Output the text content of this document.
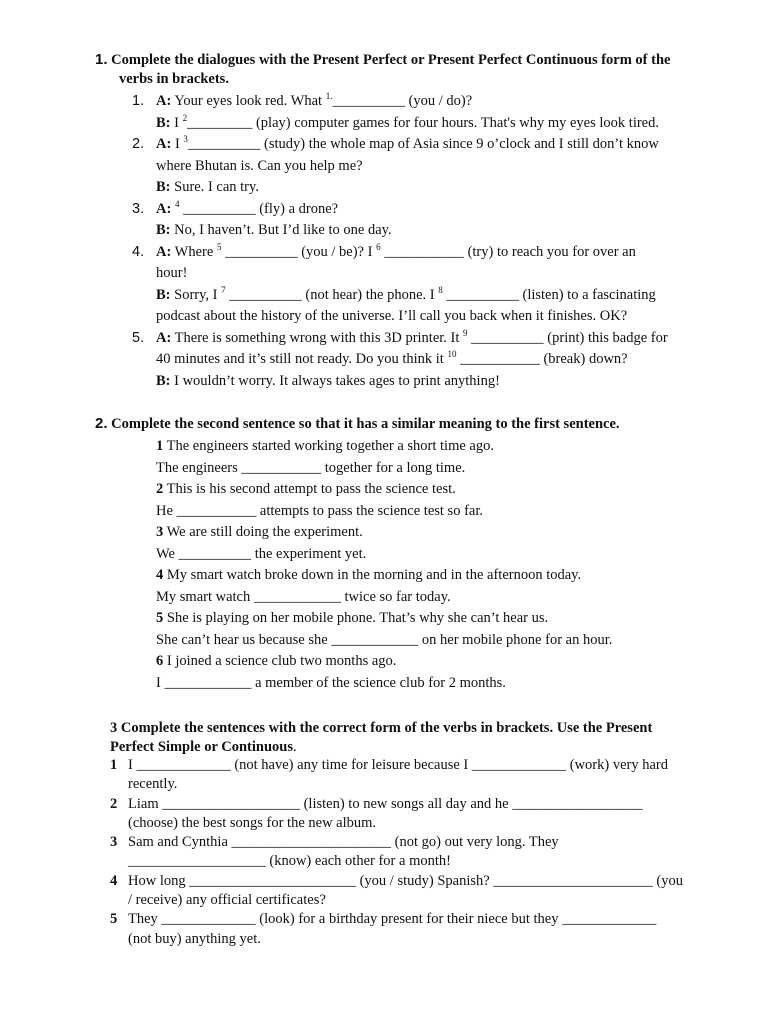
1. Complete the dialogues with the Present Perfect or Present Perfect Continuous form of the
verbs in brackets.
1. A: Your eyes look red. What $^{1.}$__________ (you / do)?
B: I $^2$_________ (play) computer games for four hours. That's why my eyes look tired.
2. A: I $^3$__________ (study) the whole map of Asia since 9 o’clock and I still don’t know
where Bhutan is. Can you help me?
B: Sure. I can try.
3. A: $^4$ __________ (fly) a drone?
B: No, I haven’t. But I’d like to one day.
4. A: Where $^5$ __________ (you / be)? I $^6$ ___________ (try) to reach you for over an
hour!
B: Sorry, I $^7$ __________ (not hear) the phone. I $^8$ __________ (listen) to a fascinating
podcast about the history of the universe. I’ll call you back when it finishes. OK?
5. A: There is something wrong with this 3D printer. It $^9$ __________ (print) this badge for
40 minutes and it’s still not ready. Do you think it $^{10}$ ___________ (break) down?
B: I wouldn’t worry. It always takes ages to print anything!
2. Complete the second sentence so that it has a similar meaning to the first sentence.
1 The engineers started working together a short time ago.
The engineers ___________ together for a long time.
2 This is his second attempt to pass the science test.
He ___________ attempts to pass the science test so far.
3 We are still doing the experiment.
We __________ the experiment yet.
4 My smart watch broke down in the morning and in the afternoon today.
My smart watch ____________ twice so far today.
5 She is playing on her mobile phone. That’s why she can’t hear us.
She can’t hear us because she ____________ on her mobile phone for an hour.
6 I joined a science club two months ago.
I ____________ a member of the science club for 2 months.
3 Complete the sentences with the correct form of the verbs in brackets. Use the Present
Perfect Simple or Continuous.
1 I _____________ (not have) any time for leisure because I _____________ (work) very hard
recently.
2 Liam ___________________ (listen) to new songs all day and he __________________
(choose) the best songs for the new album.
3 Sam and Cynthia ______________________ (not go) out very long. They
___________________ (know) each other for a month!
4 How long _______________________ (you / study) Spanish? ______________________ (you
/ receive) any official certificates?
5 They _____________ (look) for a birthday present for their niece but they _____________
(not buy) anything yet.
